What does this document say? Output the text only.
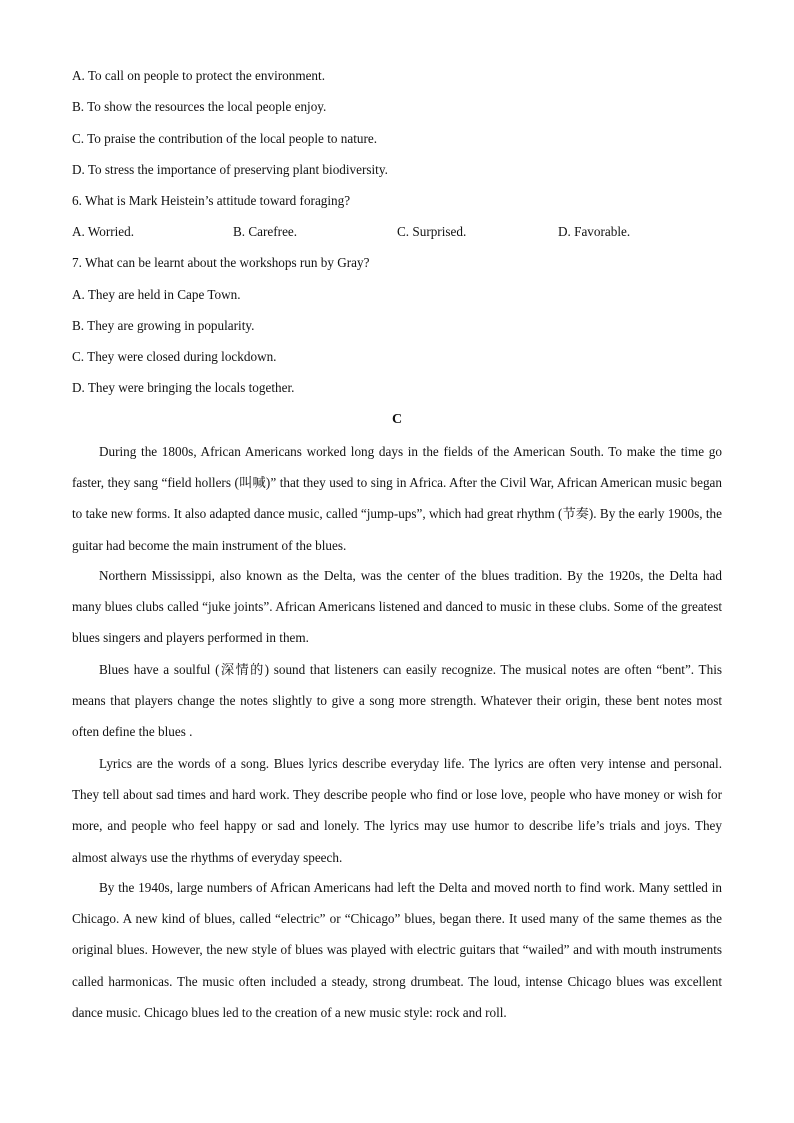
A. To call on people to protect the environment.
B. To show the resources the local people enjoy.
C. To praise the contribution of the local people to nature.
D. To stress the importance of preserving plant biodiversity.
6. What is Mark Heistein’s attitude toward foraging?
A. Worried.	B. Carefree.	C. Surprised.	D. Favorable.
7. What can be learnt about the workshops run by Gray?
A. They are held in Cape Town.
B. They are growing in popularity.
C. They were closed during lockdown.
D. They were bringing the locals together.
C

During the 1800s, African Americans worked long days in the fields of the American South. To make the time go faster, they sang “field hollers (叫喊)” that they used to sing in Africa. After the Civil War, African American music began to take new forms. It also adapted dance music, called “jump-ups”, which had great rhythm (节奏). By the early 1900s, the guitar had become the main instrument of the blues.

Northern Mississippi, also known as the Delta, was the center of the blues tradition. By the 1920s, the Delta had many blues clubs called “juke joints”. African Americans listened and danced to music in these clubs. Some of the greatest blues singers and players performed in them.

Blues have a soulful (深情的) sound that listeners can easily recognize. The musical notes are often “bent”. This means that players change the notes slightly to give a song more strength. Whatever their origin, these bent notes most often define the blues .

Lyrics are the words of a song. Blues lyrics describe everyday life. The lyrics are often very intense and personal. They tell about sad times and hard work. They describe people who find or lose love, people who have money or wish for more, and people who feel happy or sad and lonely. The lyrics may use humor to describe life’s trials and joys. They almost always use the rhythms of everyday speech.

By the 1940s, large numbers of African Americans had left the Delta and moved north to find work. Many settled in Chicago. A new kind of blues, called “electric” or “Chicago” blues, began there. It used many of the same themes as the original blues. However, the new style of blues was played with electric guitars that “wailed” and with mouth instruments called harmonicas. The music often included a steady, strong drumbeat. The loud, intense Chicago blues was excellent dance music. Chicago blues led to the creation of a new music style: rock and roll.
